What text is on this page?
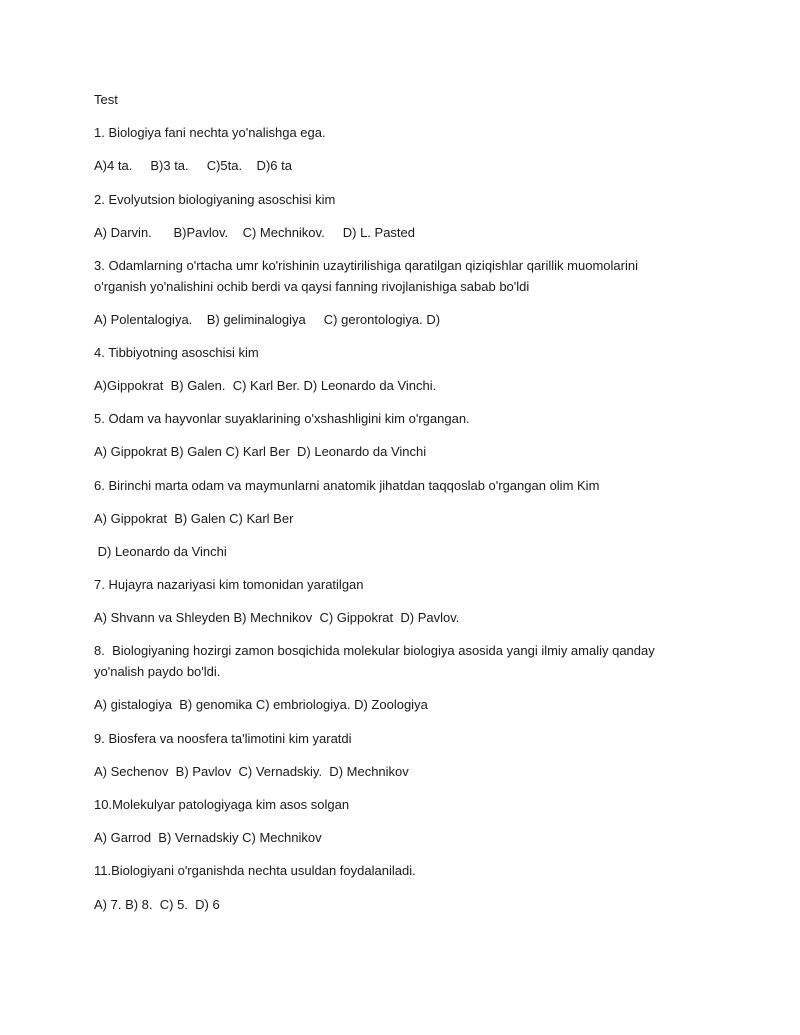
Test
1. Biologiya fani nechta yo'nalishga ega.
A)4 ta.     B)3 ta.     C)5ta.    D)6 ta
2. Evolyutsion biologiyaning asoschisi kim
A) Darvin.      B)Pavlov.    C) Mechnikov.     D) L. Pasted
3. Odamlarning o'rtacha umr ko'rishinin uzaytirilishiga qaratilgan qiziqishlar qarillik muomolarini
o'rganish yo'nalishini ochib berdi va qaysi fanning rivojlanishiga sabab bo'ldi
A) Polentalogiya.    B) geliminalogiya     C) gerontologiya. D)
4. Tibbiyotning asoschisi kim
A)Gippokrat  B) Galen.  C) Karl Ber. D) Leonardo da Vinchi.
5. Odam va hayvonlar suyaklarining o'xshashligini kim o'rgangan.
A) Gippokrat B) Galen C) Karl Ber  D) Leonardo da Vinchi
6. Birinchi marta odam va maymunlarni anatomik jihatdan taqqoslab o'rgangan olim Kim
A) Gippokrat  B) Galen C) Karl Ber
D) Leonardo da Vinchi
7. Hujayra nazariyasi kim tomonidan yaratilgan
A) Shvann va Shleyden B) Mechnikov  C) Gippokrat  D) Pavlov.
8.  Biologiyaning hozirgi zamon bosqichida molekular biologiya asosida yangi ilmiy amaliy qanday
yo'nalish paydo bo'ldi.
A) gistalogiya  B) genomika C) embriologiya. D) Zoologiya
9. Biosfera va noosfera ta'limotini kim yaratdi
A) Sechenov  B) Pavlov  C) Vernadskiy.  D) Mechnikov
10.Molekulyar patologiyaga kim asos solgan
A) Garrod  B) Vernadskiy C) Mechnikov
11.Biologiyani o'rganishda nechta usuldan foydalaniladi.
A) 7. B) 8.  C) 5.  D) 6
